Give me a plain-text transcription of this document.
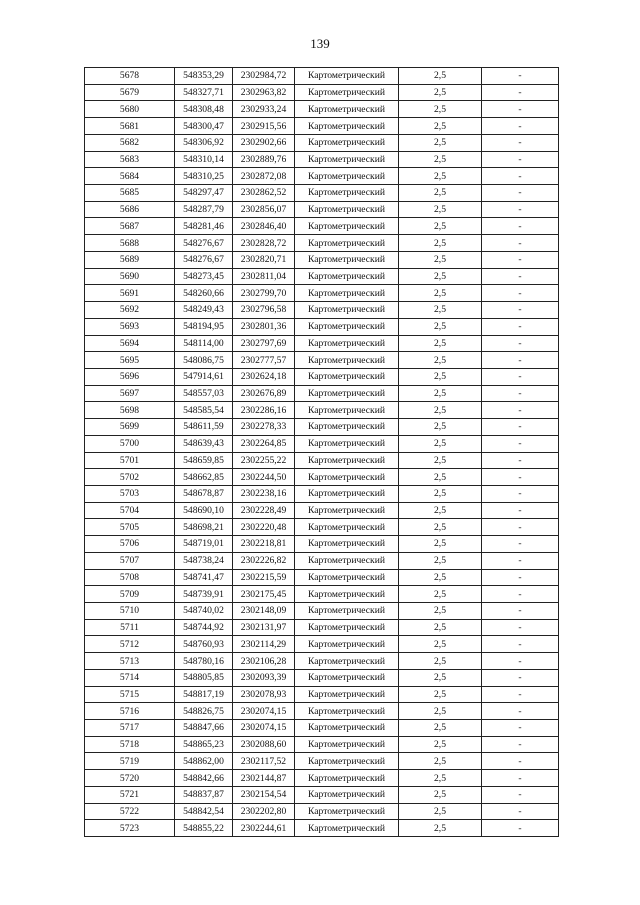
139
5678	548353,29	2302984,72	Картометрический	2,5	-
5679	548327,71	2302963,82	Картометрический	2,5	-
5680	548308,48	2302933,24	Картометрический	2,5	-
5681	548300,47	2302915,56	Картометрический	2,5	-
5682	548306,92	2302902,66	Картометрический	2,5	-
5683	548310,14	2302889,76	Картометрический	2,5	-
5684	548310,25	2302872,08	Картометрический	2,5	-
5685	548297,47	2302862,52	Картометрический	2,5	-
5686	548287,79	2302856,07	Картометрический	2,5	-
5687	548281,46	2302846,40	Картометрический	2,5	-
5688	548276,67	2302828,72	Картометрический	2,5	-
5689	548276,67	2302820,71	Картометрический	2,5	-
5690	548273,45	2302811,04	Картометрический	2,5	-
5691	548260,66	2302799,70	Картометрический	2,5	-
5692	548249,43	2302796,58	Картометрический	2,5	-
5693	548194,95	2302801,36	Картометрический	2,5	-
5694	548114,00	2302797,69	Картометрический	2,5	-
5695	548086,75	2302777,57	Картометрический	2,5	-
5696	547914,61	2302624,18	Картометрический	2,5	-
5697	548557,03	2302676,89	Картометрический	2,5	-
5698	548585,54	2302286,16	Картометрический	2,5	-
5699	548611,59	2302278,33	Картометрический	2,5	-
5700	548639,43	2302264,85	Картометрический	2,5	-
5701	548659,85	2302255,22	Картометрический	2,5	-
5702	548662,85	2302244,50	Картометрический	2,5	-
5703	548678,87	2302238,16	Картометрический	2,5	-
5704	548690,10	2302228,49	Картометрический	2,5	-
5705	548698,21	2302220,48	Картометрический	2,5	-
5706	548719,01	2302218,81	Картометрический	2,5	-
5707	548738,24	2302226,82	Картометрический	2,5	-
5708	548741,47	2302215,59	Картометрический	2,5	-
5709	548739,91	2302175,45	Картометрический	2,5	-
5710	548740,02	2302148,09	Картометрический	2,5	-
5711	548744,92	2302131,97	Картометрический	2,5	-
5712	548760,93	2302114,29	Картометрический	2,5	-
5713	548780,16	2302106,28	Картометрический	2,5	-
5714	548805,85	2302093,39	Картометрический	2,5	-
5715	548817,19	2302078,93	Картометрический	2,5	-
5716	548826,75	2302074,15	Картометрический	2,5	-
5717	548847,66	2302074,15	Картометрический	2,5	-
5718	548865,23	2302088,60	Картометрический	2,5	-
5719	548862,00	2302117,52	Картометрический	2,5	-
5720	548842,66	2302144,87	Картометрический	2,5	-
5721	548837,87	2302154,54	Картометрический	2,5	-
5722	548842,54	2302202,80	Картометрический	2,5	-
5723	548855,22	2302244,61	Картометрический	2,5	-
